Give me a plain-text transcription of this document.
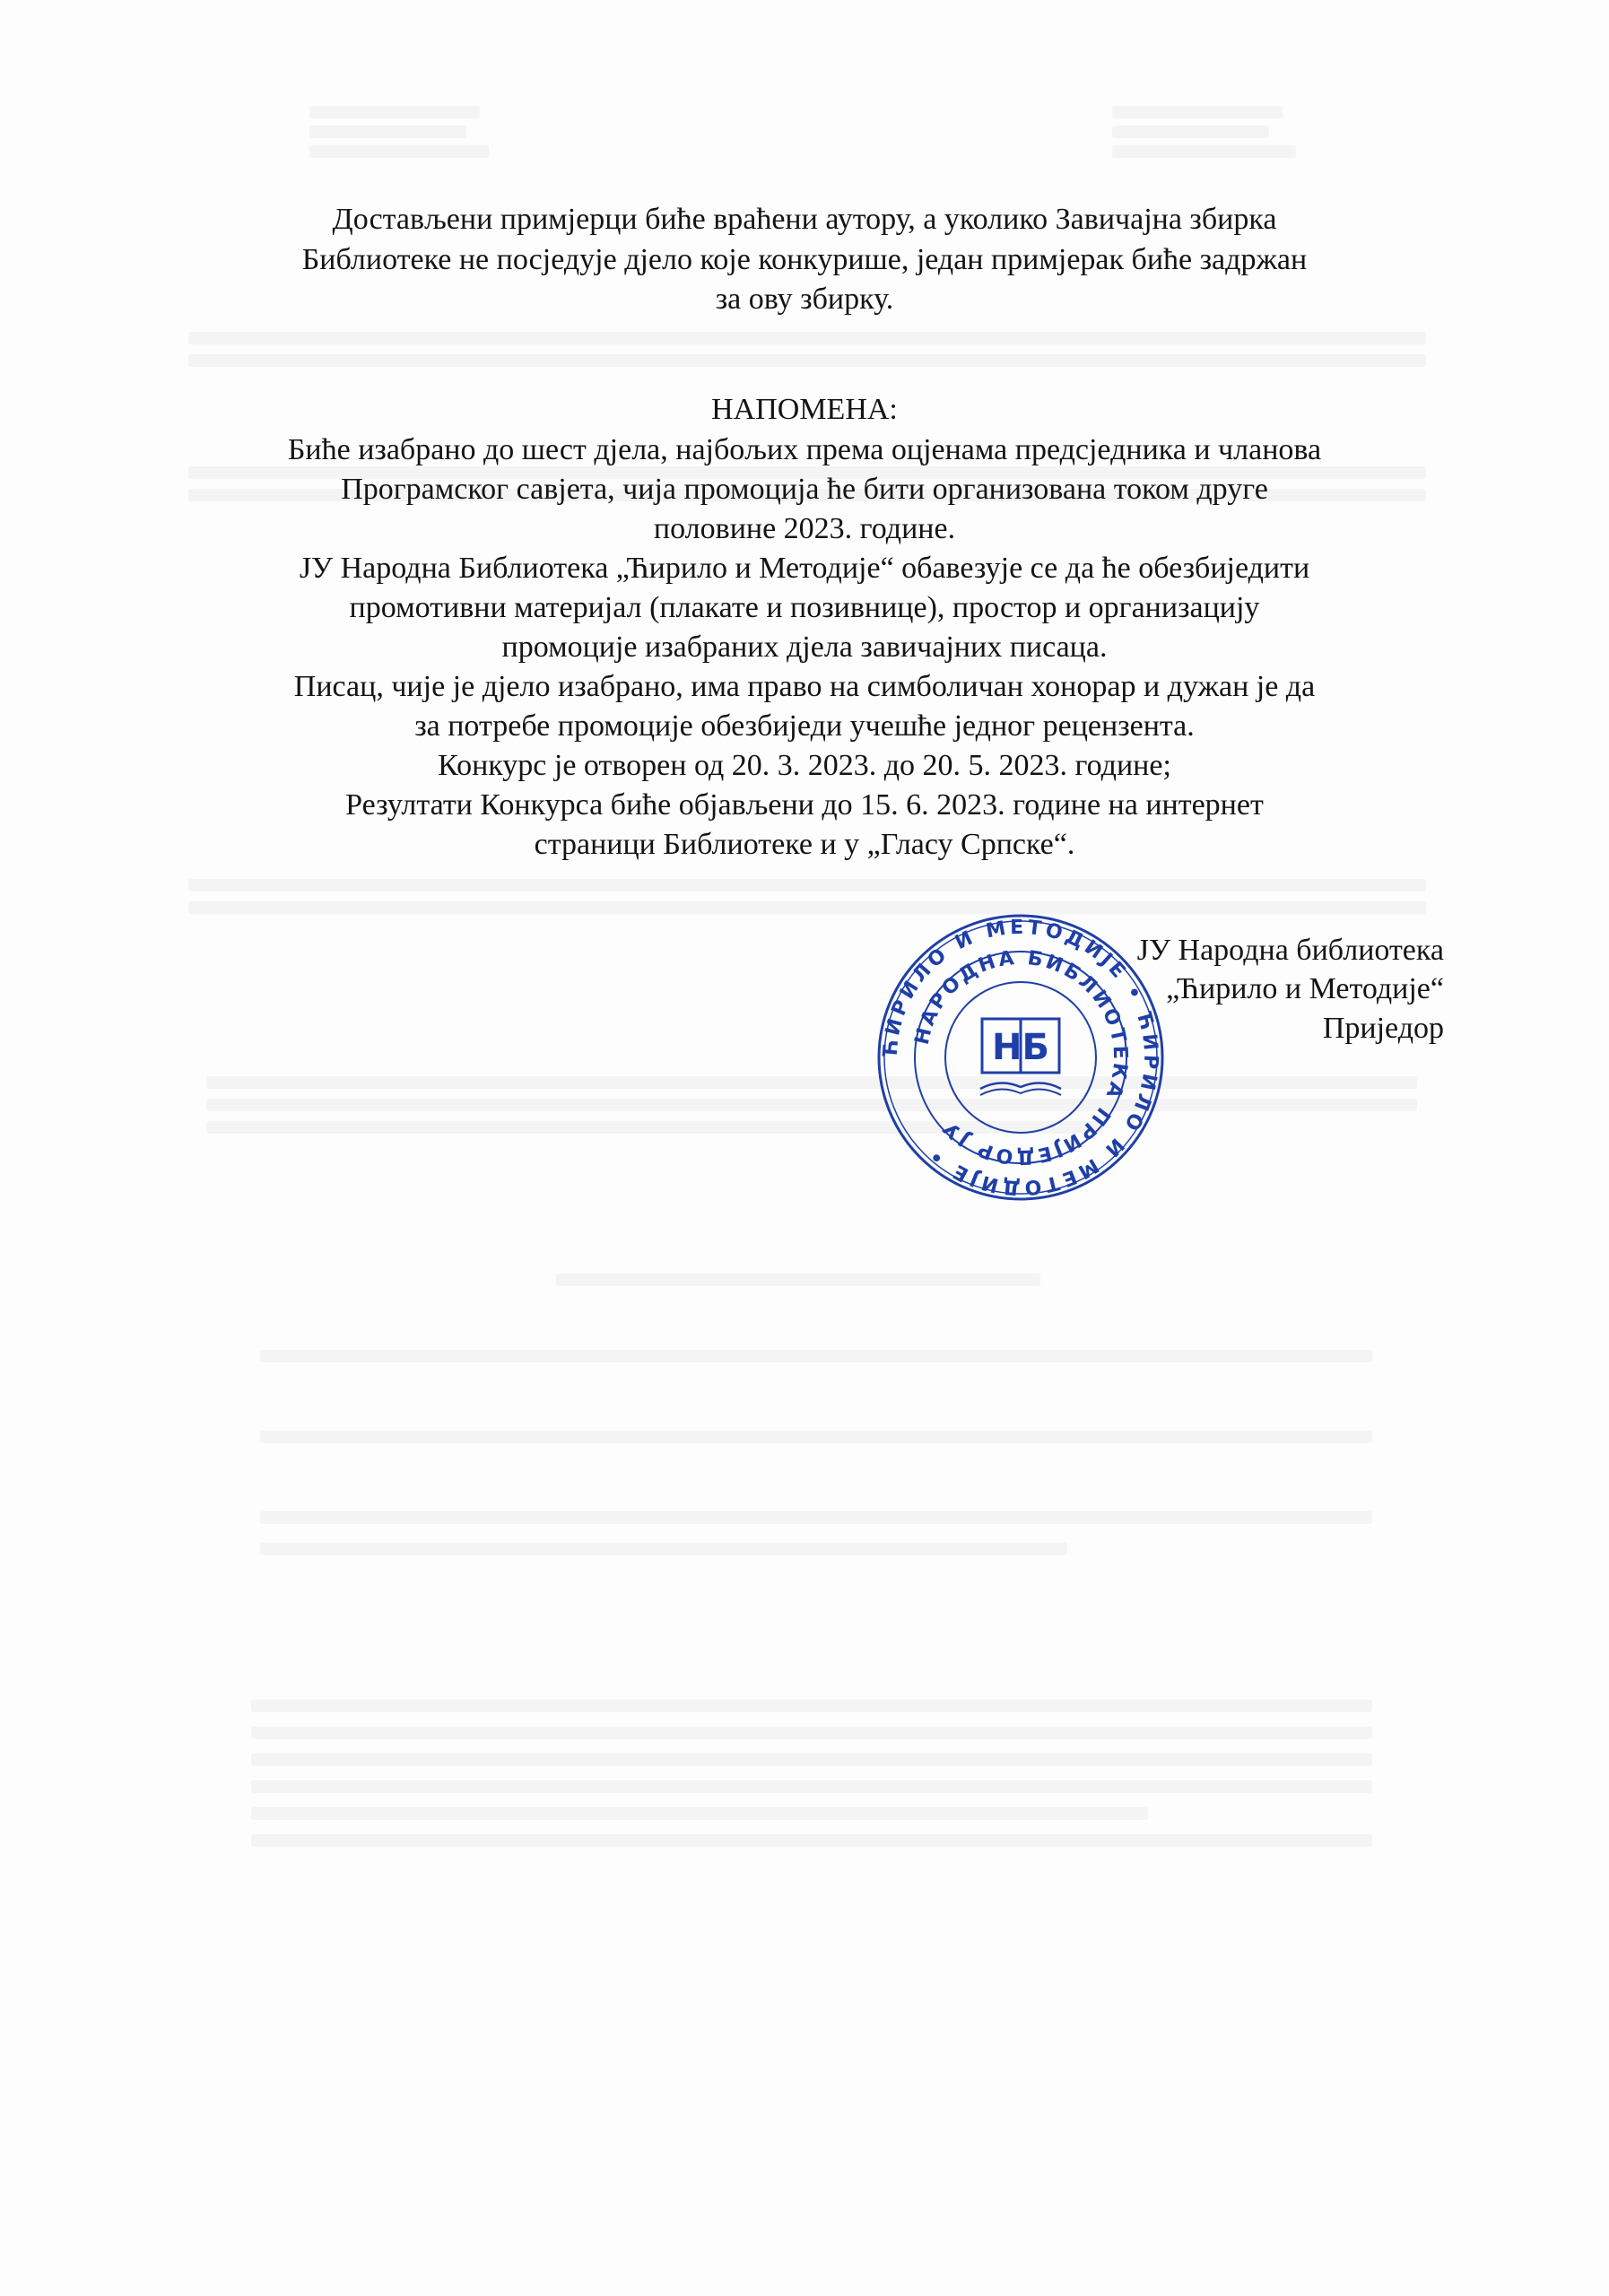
Достављени примјерци биће враћени аутору, а уколико Завичајна збирка
Библиотеке не посједује дјело које конкурише, један примјерак биће задржан
за ову збирку.
НАПОМЕНА:
Биће изабрано до шест дјела, најбољих према оцјенама предсједника и чланова
Програмског савјета, чија промоција ће бити организована током друге
половине 2023. године.
ЈУ Народна Библиотека „Ћирило и Методије“ обавезује се да ће обезбиједити
промотивни материјал (плакате и позивнице), простор и организацију
промоције изабраних дјела завичајних писаца.
Писац, чије је дјело изабрано, има право на симболичан хонорар и дужан је да
за потребе промоције обезбиједи учешће једног рецензента.
Конкурс је отворен од 20. 3. 2023. до 20. 5. 2023. године;
Резултати Конкурса биће објављени до 15. 6. 2023. године на интернет
страници Библиотеке и у „Гласу Српске“.
ЈУ Народна библиотека
„Ћирило и Методије“
Приједор
ЋИРИЛО И МЕТОДИЈЕ • ЋИРИЛО И МЕТОДИЈЕ •
НАРОДНА БИБЛИОТЕКА ПРИЈЕДОР ЈУ
НБ
